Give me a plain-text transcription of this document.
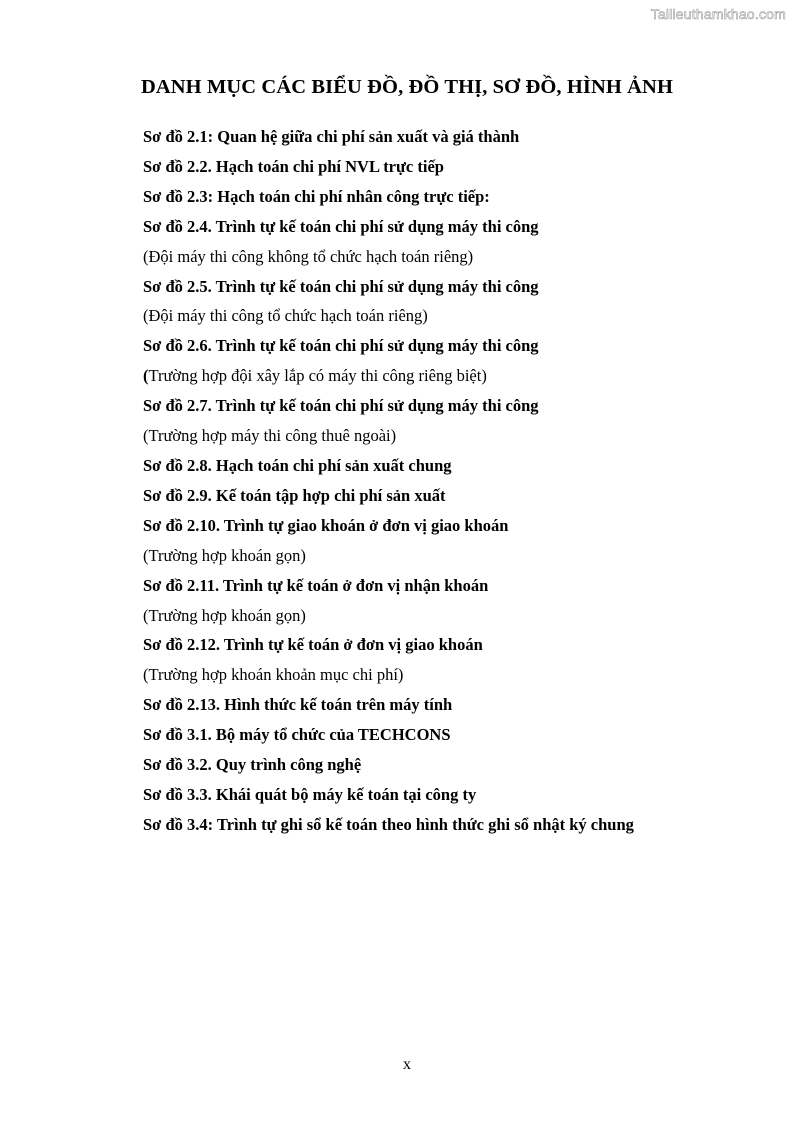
Tailieuthamkhao.com
DANH MỤC CÁC BIỂU ĐỒ, ĐỒ THỊ, SƠ ĐỒ, HÌNH ẢNH
Sơ đồ 2.1: Quan hệ giữa chi phí sản xuất và giá thành
Sơ đồ 2.2. Hạch toán chi phí NVL trực tiếp
Sơ đồ 2.3: Hạch toán chi phí nhân công trực tiếp:
Sơ đồ 2.4. Trình tự kế toán chi phí sử dụng máy thi công
(Đội máy thi công không tổ chức hạch toán riêng)
Sơ đồ 2.5. Trình tự kế toán chi phí sử dụng máy thi công
(Đội máy thi công tổ chức hạch toán riêng)
Sơ đồ 2.6. Trình tự kế toán chi phí sử dụng máy thi công
(Trường hợp đội xây lắp có máy thi công riêng biệt)
Sơ đồ 2.7. Trình tự kế toán chi phí sử dụng máy thi công
(Trường hợp máy thi công thuê ngoài)
Sơ đồ 2.8. Hạch toán chi phí sản xuất chung
Sơ đồ 2.9. Kế toán tập hợp chi phí sản xuất
Sơ đồ 2.10. Trình tự giao khoán ở đơn vị giao khoán
(Trường hợp khoán gọn)
Sơ đồ 2.11. Trình tự kế toán ở đơn vị nhận khoán
(Trường hợp khoán gọn)
Sơ đồ 2.12. Trình tự kế toán ở đơn vị giao khoán
(Trường hợp khoán khoản mục chi phí)
Sơ đồ 2.13. Hình thức kế toán trên máy tính
Sơ đồ 3.1. Bộ máy tổ chức của TECHCONS
Sơ đồ 3.2. Quy trình công nghệ
Sơ đồ 3.3. Khái quát bộ máy kế toán tại công ty
Sơ đồ 3.4: Trình tự ghi sổ kế toán theo hình thức ghi sổ nhật ký chung
x
